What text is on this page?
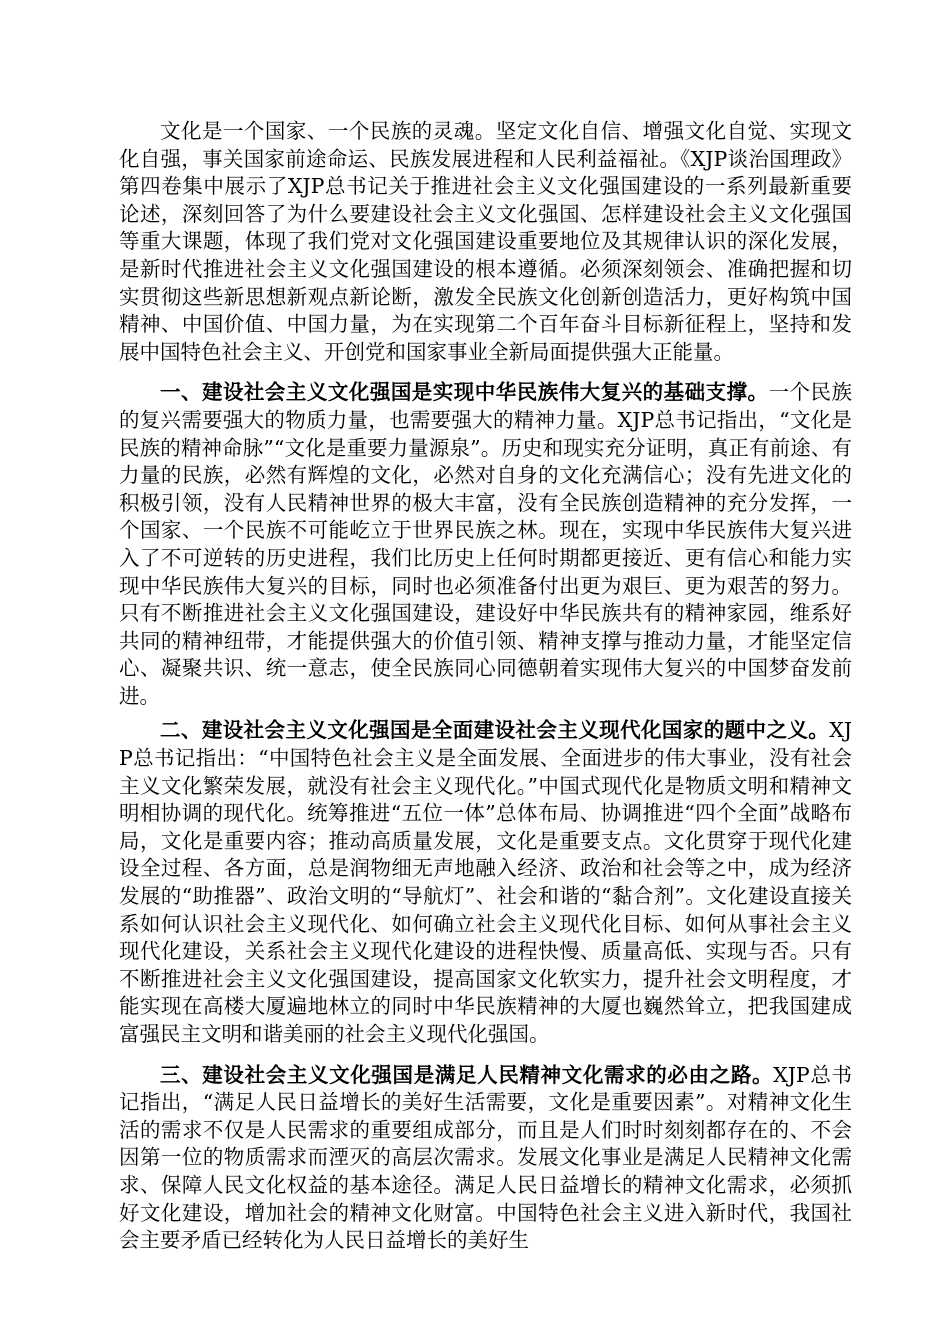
文化是一个国家、一个民族的灵魂。坚定文化自信、增强文化自觉、实现文化自强，事关国家前途命运、民族发展进程和人民利益福祉。《XJP谈治国理政》第四卷集中展示了XJP总书记关于推进社会主义文化强国建设的一系列最新重要论述，深刻回答了为什么要建设社会主义文化强国、怎样建设社会主义文化强国等重大课题，体现了我们党对文化强国建设重要地位及其规律认识的深化发展，是新时代推进社会主义文化强国建设的根本遵循。必须深刻领会、准确把握和切实贯彻这些新思想新观点新论断，激发全民族文化创新创造活力，更好构筑中国精神、中国价值、中国力量，为在实现第二个百年奋斗目标新征程上，坚持和发展中国特色社会主义、开创党和国家事业全新局面提供强大正能量。

一、建设社会主义文化强国是实现中华民族伟大复兴的基础支撑。一个民族的复兴需要强大的物质力量，也需要强大的精神力量。XJP总书记指出，“文化是民族的精神命脉”“文化是重要力量源泉”。历史和现实充分证明，真正有前途、有力量的民族，必然有辉煌的文化，必然对自身的文化充满信心；没有先进文化的积极引领，没有人民精神世界的极大丰富，没有全民族创造精神的充分发挥，一个国家、一个民族不可能屹立于世界民族之林。现在，实现中华民族伟大复兴进入了不可逆转的历史进程，我们比历史上任何时期都更接近、更有信心和能力实现中华民族伟大复兴的目标，同时也必须准备付出更为艰巨、更为艰苦的努力。只有不断推进社会主义文化强国建设，建设好中华民族共有的精神家园，维系好共同的精神纽带，才能提供强大的价值引领、精神支撑与推动力量，才能坚定信心、凝聚共识、统一意志，使全民族同心同德朝着实现伟大复兴的中国梦奋发前进。

二、建设社会主义文化强国是全面建设社会主义现代化国家的题中之义。XJP总书记指出：“中国特色社会主义是全面发展、全面进步的伟大事业，没有社会主义文化繁荣发展，就没有社会主义现代化。”中国式现代化是物质文明和精神文明相协调的现代化。统筹推进“五位一体”总体布局、协调推进“四个全面”战略布局，文化是重要内容；推动高质量发展，文化是重要支点。文化贯穿于现代化建设全过程、各方面，总是润物细无声地融入经济、政治和社会等之中，成为经济发展的“助推器”、政治文明的“导航灯”、社会和谐的“黏合剂”。文化建设直接关系如何认识社会主义现代化、如何确立社会主义现代化目标、如何从事社会主义现代化建设，关系社会主义现代化建设的进程快慢、质量高低、实现与否。只有不断推进社会主义文化强国建设，提高国家文化软实力，提升社会文明程度，才能实现在高楼大厦遍地林立的同时中华民族精神的大厦也巍然耸立，把我国建成富强民主文明和谐美丽的社会主义现代化强国。

三、建设社会主义文化强国是满足人民精神文化需求的必由之路。XJP总书记指出，“满足人民日益增长的美好生活需要，文化是重要因素”。对精神文化生活的需求不仅是人民需求的重要组成部分，而且是人们时时刻刻都存在的、不会因第一位的物质需求而湮灭的高层次需求。发展文化事业是满足人民精神文化需求、保障人民文化权益的基本途径。满足人民日益增长的精神文化需求，必须抓好文化建设，增加社会的精神文化财富。中国特色社会主义进入新时代，我国社会主要矛盾已经转化为人民日益增长的美好生
